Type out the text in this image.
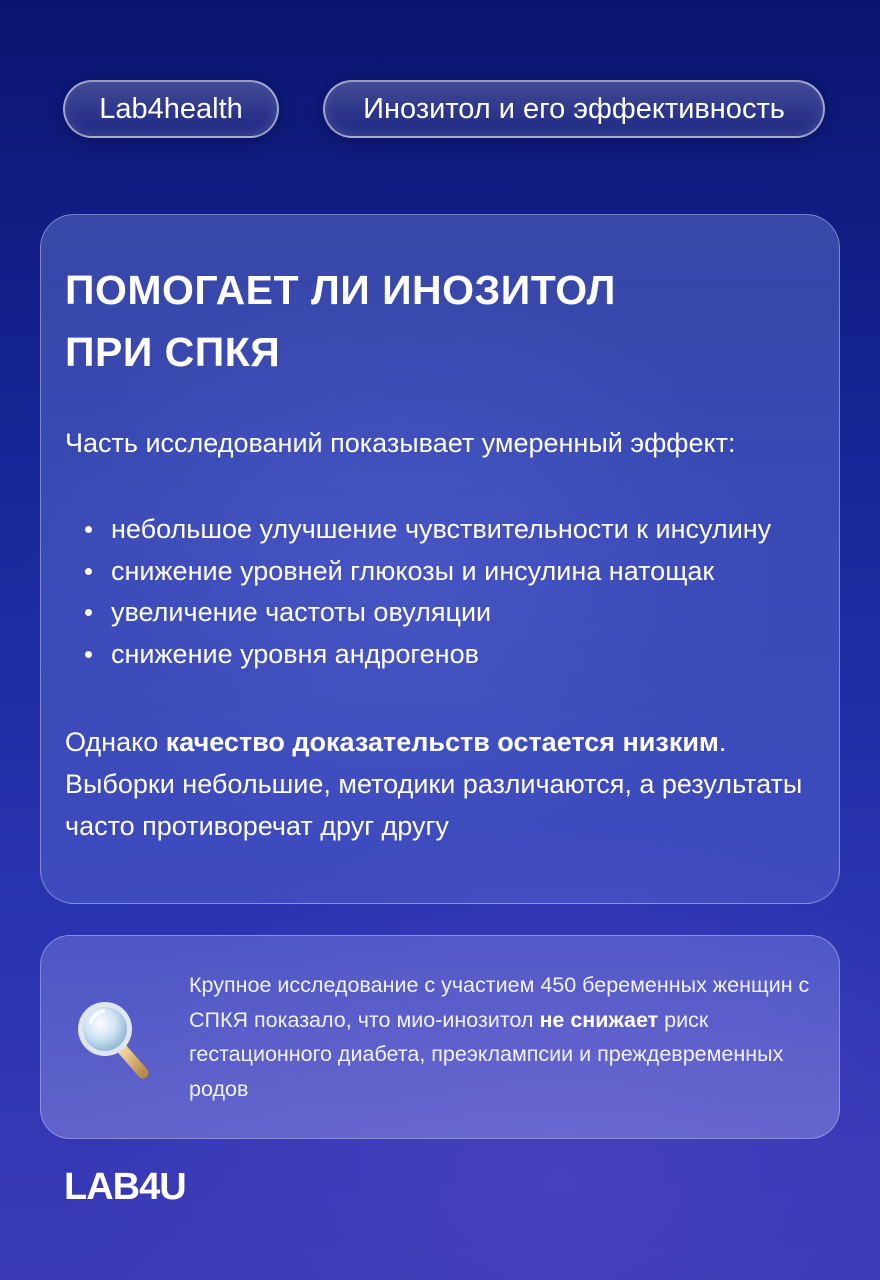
Lab4health	Инозитол и его эффективность
ПОМОГАЕТ ЛИ ИНОЗИТОЛ
ПРИ СПКЯ

Часть исследований показывает умеренный эффект:

небольшое улучшение чувствительности к инсулину
снижение уровней глюкозы и инсулина натощак
увеличение частоты овуляции
снижение уровня андрогенов

Однако качество доказательств остается низким. Выборки небольшие, методики различаются, а результаты часто противоречат друг другу

Крупное исследование с участием 450 беременных женщин с СПКЯ показало, что мио-инозитол не снижает риск гестационного диабета, преэклампсии и преждевременных родов
LAB4U
